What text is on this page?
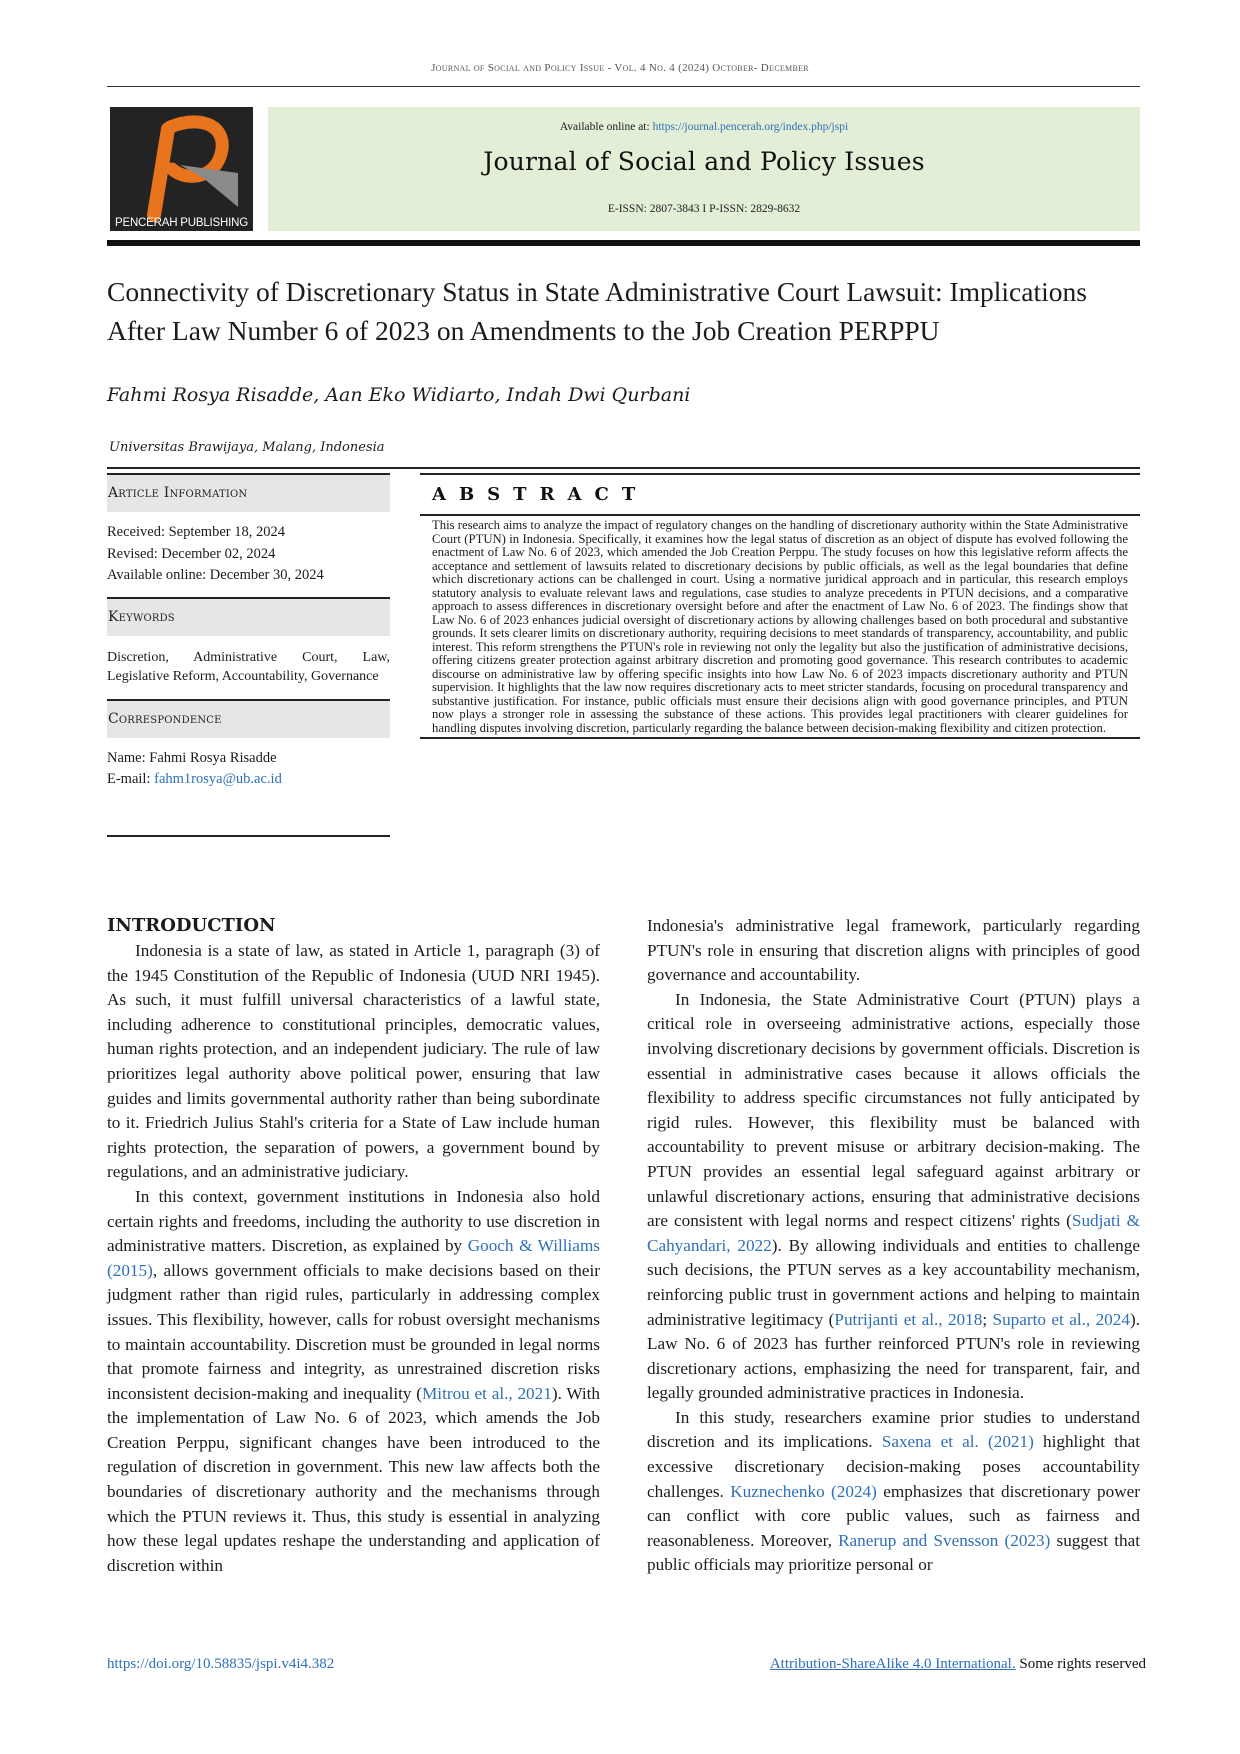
Journal of Social and Policy Issue - Vol. 4 No. 4 (2024) October- December
PENCERAH PUBLISHING
Available online at: https://journal.pencerah.org/index.php/jspi
Journal of Social and Policy Issues
E-ISSN: 2807-3843 I P-ISSN: 2829-8632
Connectivity of Discretionary Status in State Administrative Court Lawsuit: Implications After Law Number 6 of 2023 on Amendments to the Job Creation PERPPU
Fahmi Rosya Risadde, Aan Eko Widiarto, Indah Dwi Qurbani
Universitas Brawijaya, Malang, Indonesia
Article Information
Received: September 18, 2024
Revised: December 02, 2024
Available online: December 30, 2024
Keywords
Discretion, Administrative Court, Law, Legislative Reform, Accountability, Governance
Correspondence
Name: Fahmi Rosya Risadde
E-mail: fahm1rosya@ub.ac.id
ABSTRACT
This research aims to analyze the impact of regulatory changes on the handling of discretionary authority within the State Administrative Court (PTUN) in Indonesia. Specifically, it examines how the legal status of discretion as an object of dispute has evolved following the enactment of Law No. 6 of 2023, which amended the Job Creation Perppu. The study focuses on how this legislative reform affects the acceptance and settlement of lawsuits related to discretionary decisions by public officials, as well as the legal boundaries that define which discretionary actions can be challenged in court. Using a normative juridical approach and in particular, this research employs statutory analysis to evaluate relevant laws and regulations, case studies to analyze precedents in PTUN decisions, and a comparative approach to assess differences in discretionary oversight before and after the enactment of Law No. 6 of 2023. The findings show that Law No. 6 of 2023 enhances judicial oversight of discretionary actions by allowing challenges based on both procedural and substantive grounds. It sets clearer limits on discretionary authority, requiring decisions to meet standards of transparency, accountability, and public interest. This reform strengthens the PTUN's role in reviewing not only the legality but also the justification of administrative decisions, offering citizens greater protection against arbitrary discretion and promoting good governance. This research contributes to academic discourse on administrative law by offering specific insights into how Law No. 6 of 2023 impacts discretionary authority and PTUN supervision. It highlights that the law now requires discretionary acts to meet stricter standards, focusing on procedural transparency and substantive justification. For instance, public officials must ensure their decisions align with good governance principles, and PTUN now plays a stronger role in assessing the substance of these actions. This provides legal practitioners with clearer guidelines for handling disputes involving discretion, particularly regarding the balance between decision-making flexibility and citizen protection.
INTRODUCTION

Indonesia is a state of law, as stated in Article 1, paragraph (3) of the 1945 Constitution of the Republic of Indonesia (UUD NRI 1945). As such, it must fulfill universal characteristics of a lawful state, including adherence to constitutional principles, democratic values, human rights protection, and an independent judiciary. The rule of law prioritizes legal authority above political power, ensuring that law guides and limits governmental authority rather than being subordinate to it. Friedrich Julius Stahl's criteria for a State of Law include human rights protection, the separation of powers, a government bound by regulations, and an administrative judiciary.

In this context, government institutions in Indonesia also hold certain rights and freedoms, including the authority to use discretion in administrative matters. Discretion, as explained by Gooch & Williams (2015), allows government officials to make decisions based on their judgment rather than rigid rules, particularly in addressing complex issues. This flexibility, however, calls for robust oversight mechanisms to maintain accountability. Discretion must be grounded in legal norms that promote fairness and integrity, as unrestrained discretion risks inconsistent decision-making and inequality (Mitrou et al., 2021). With the implementation of Law No. 6 of 2023, which amends the Job Creation Perppu, significant changes have been introduced to the regulation of discretion in government. This new law affects both the boundaries of discretionary authority and the mechanisms through which the PTUN reviews it. Thus, this study is essential in analyzing how these legal updates reshape the understanding and application of discretion within

Indonesia's administrative legal framework, particularly regarding PTUN's role in ensuring that discretion aligns with principles of good governance and accountability.

In Indonesia, the State Administrative Court (PTUN) plays a critical role in overseeing administrative actions, especially those involving discretionary decisions by government officials. Discretion is essential in administrative cases because it allows officials the flexibility to address specific circumstances not fully anticipated by rigid rules. However, this flexibility must be balanced with accountability to prevent misuse or arbitrary decision-making. The PTUN provides an essential legal safeguard against arbitrary or unlawful discretionary actions, ensuring that administrative decisions are consistent with legal norms and respect citizens' rights (Sudjati & Cahyandari, 2022). By allowing individuals and entities to challenge such decisions, the PTUN serves as a key accountability mechanism, reinforcing public trust in government actions and helping to maintain administrative legitimacy (Putrijanti et al., 2018; Suparto et al., 2024). Law No. 6 of 2023 has further reinforced PTUN's role in reviewing discretionary actions, emphasizing the need for transparent, fair, and legally grounded administrative practices in Indonesia.

In this study, researchers examine prior studies to understand discretion and its implications. Saxena et al. (2021) highlight that excessive discretionary decision-making poses accountability challenges. Kuznechenko (2024) emphasizes that discretionary power can conflict with core public values, such as fairness and reasonableness. Moreover, Ranerup and Svensson (2023) suggest that public officials may prioritize personal or

https://doi.org/10.58835/jspi.v4i4.382	Attribution-ShareAlike 4.0 International. Some rights reserved
